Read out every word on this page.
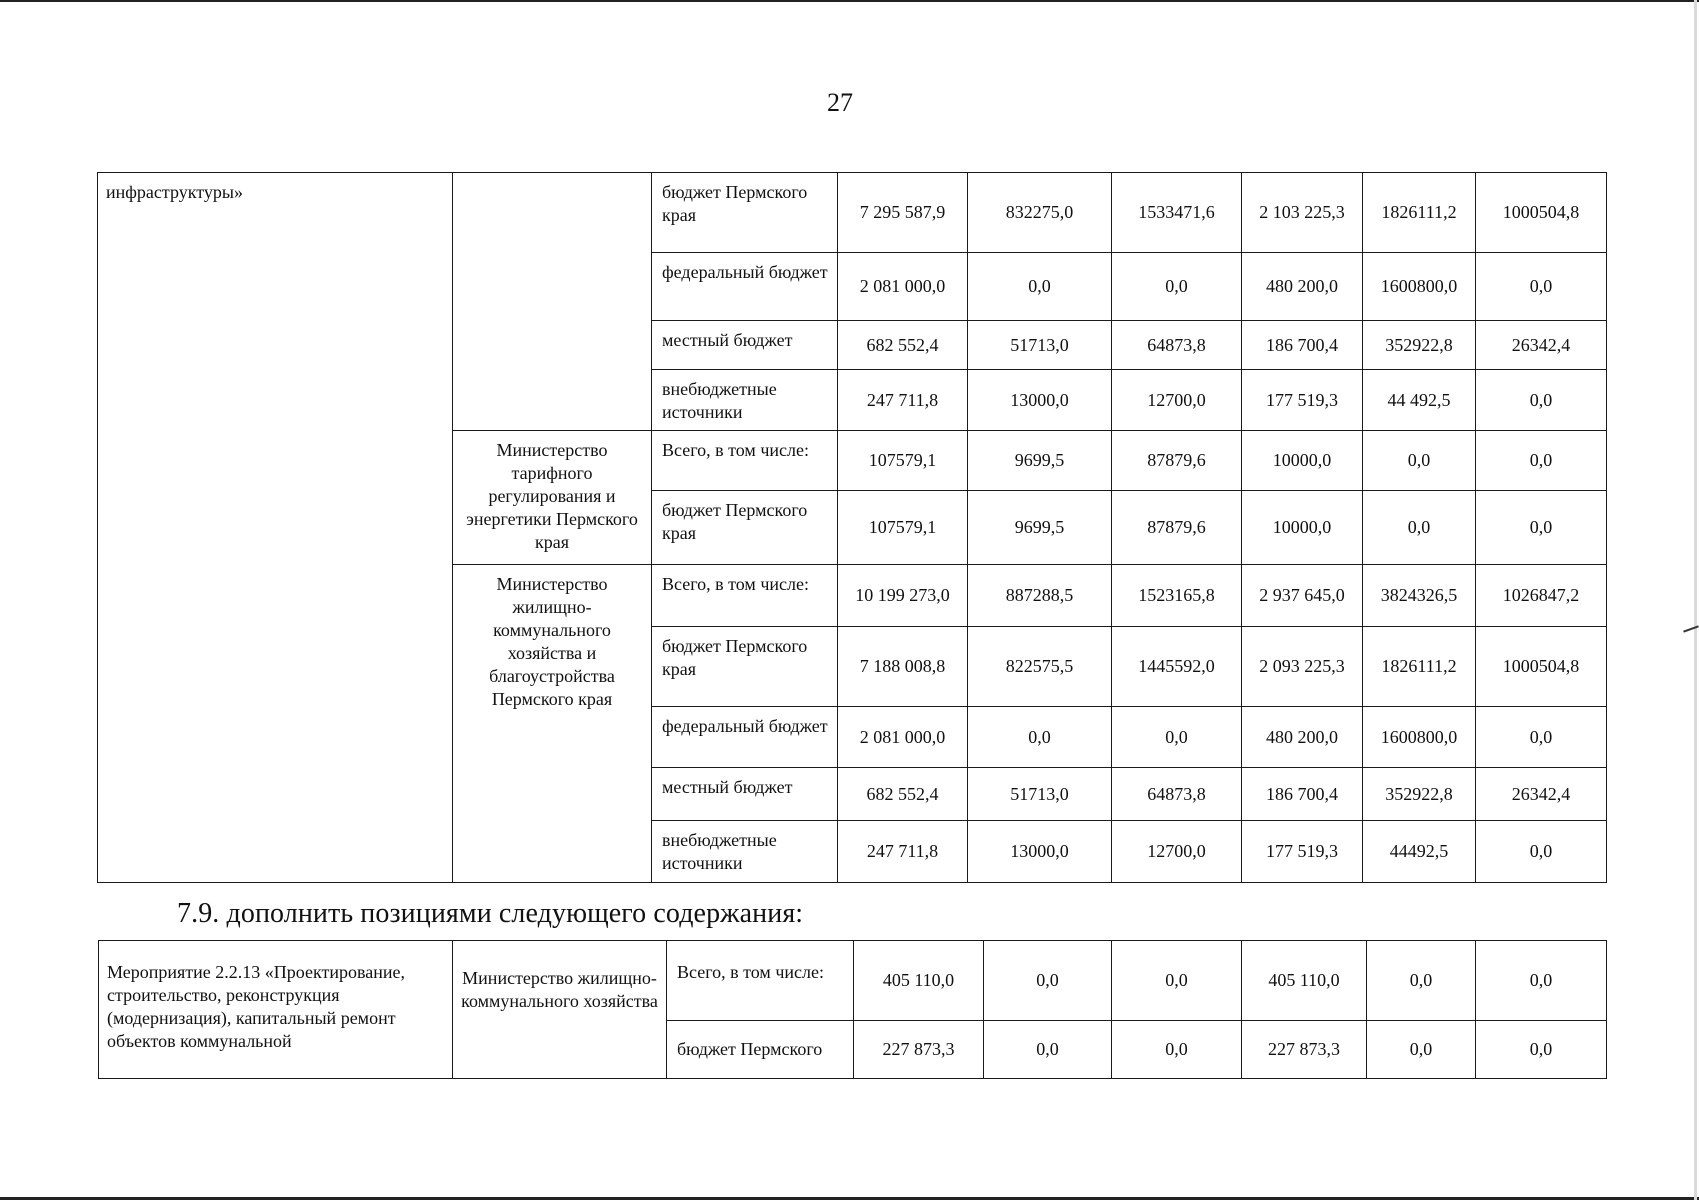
27
инфраструктуры»		бюджет Пермского края	7 295 587,9	832275,0	1533471,6	2 103 225,3	1826111,2	1000504,8

		федеральный бюджет	2 081 000,0	0,0	0,0	480 200,0	1600800,0	0,0

		местный бюджет	682 552,4	51713,0	64873,8	186 700,4	352922,8	26342,4

		внебюджетные источники	247 711,8	13000,0	12700,0	177 519,3	44 492,5	0,0

	Министерство тарифного регулирования и энергетики Пермского края	Всего, в том числе:	107579,1	9699,5	87879,6	10000,0	0,0	0,0

		бюджет Пермского края	107579,1	9699,5	87879,6	10000,0	0,0	0,0

	Министерство жилищно-коммунального хозяйства и благоустройства Пермского края	Всего, в том числе:	10 199 273,0	887288,5	1523165,8	2 937 645,0	3824326,5	1026847,2

		бюджет Пермского края	7 188 008,8	822575,5	1445592,0	2 093 225,3	1826111,2	1000504,8

		федеральный бюджет	2 081 000,0	0,0	0,0	480 200,0	1600800,0	0,0

		местный бюджет	682 552,4	51713,0	64873,8	186 700,4	352922,8	26342,4

		внебюджетные источники	247 711,8	13000,0	12700,0	177 519,3	44492,5	0,0
7.9. дополнить позициями следующего содержания:
Мероприятие 2.2.13 «Проектирование, строительство, реконструкция (модернизация), капитальный ремонт объектов коммунальной	Министерство жилищно-коммунального хозяйства	Всего, в том числе:	405 110,0	0,0	0,0	405 110,0	0,0	0,0

		бюджет Пермского	227 873,3	0,0	0,0	227 873,3	0,0	0,0
